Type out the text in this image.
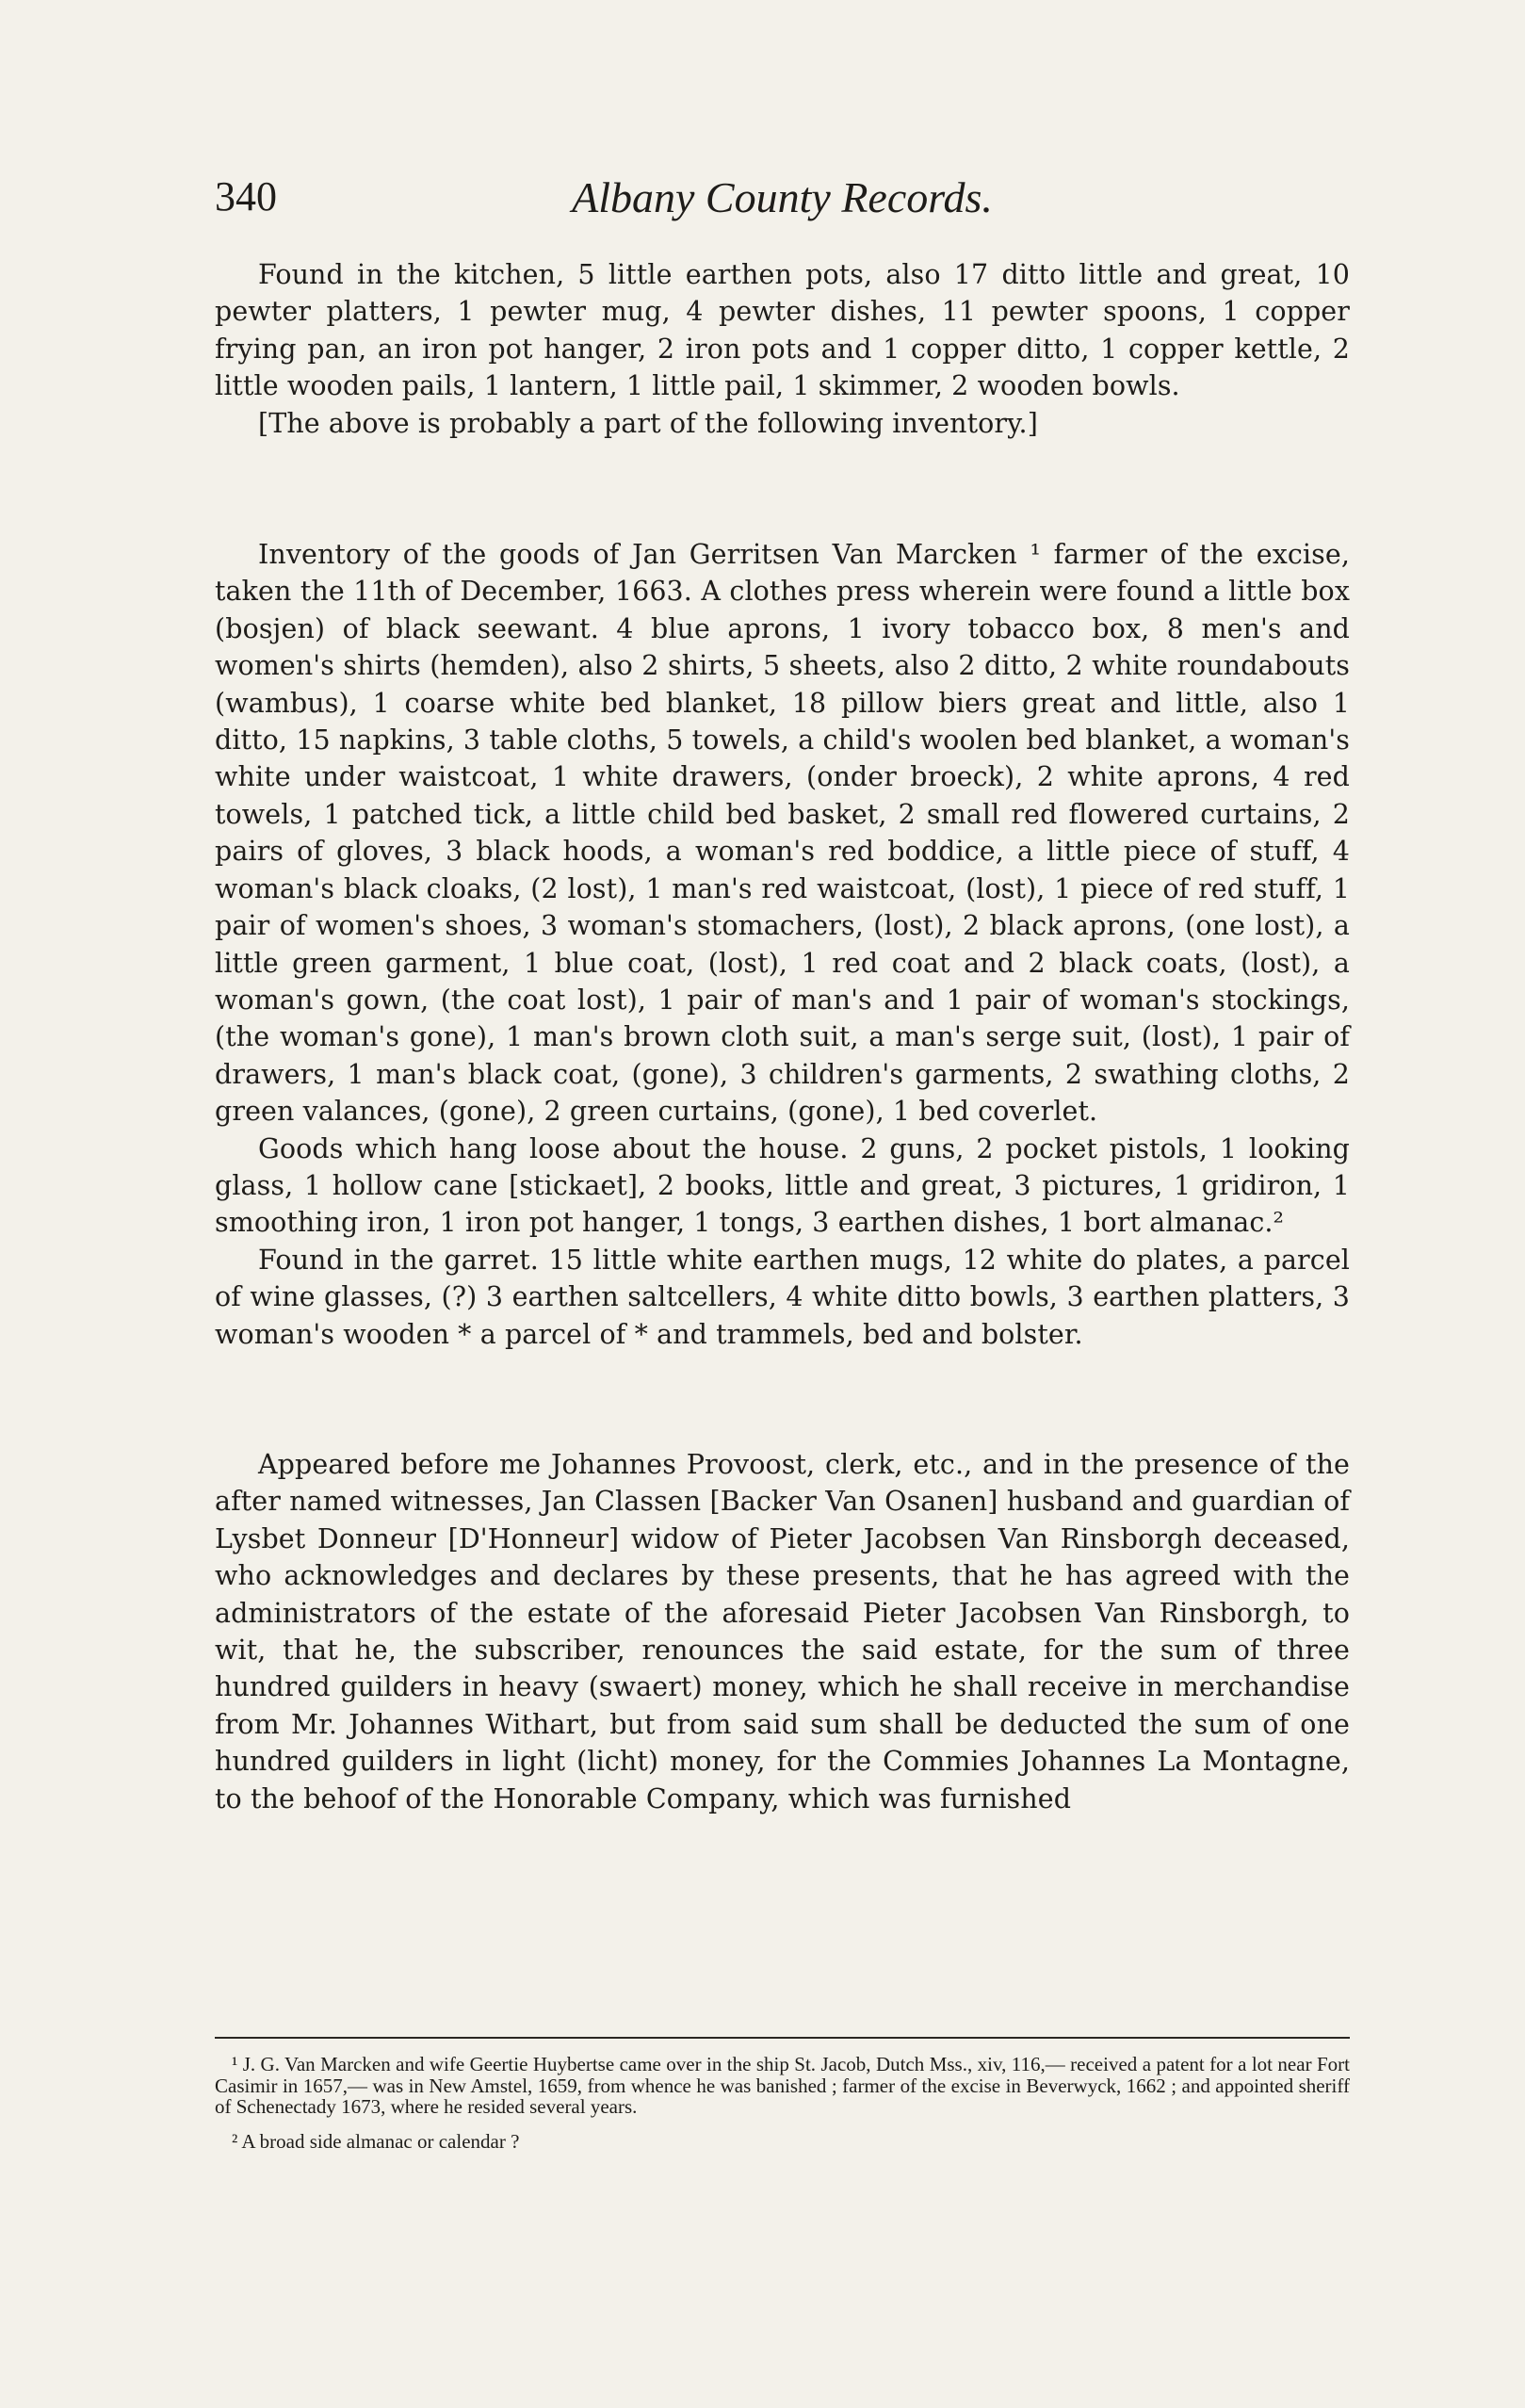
340	Albany County Records.

Found in the kitchen, 5 little earthen pots, also 17 ditto little and great, 10 pewter platters, 1 pewter mug, 4 pewter dishes, 11 pewter spoons, 1 copper frying pan, an iron pot hanger, 2 iron pots and 1 copper ditto, 1 copper kettle, 2 little wooden pails, 1 lantern, 1 little pail, 1 skimmer, 2 wooden bowls.

[The above is probably a part of the following inventory.]

Inventory of the goods of Jan Gerritsen Van Marcken ¹ farmer of the excise, taken the 11th of December, 1663. A clothes press wherein were found a little box (bosjen) of black seewant. 4 blue aprons, 1 ivory tobacco box, 8 men's and women's shirts (hemden), also 2 shirts, 5 sheets, also 2 ditto, 2 white roundabouts (wambus), 1 coarse white bed blanket, 18 pillow biers great and little, also 1 ditto, 15 napkins, 3 table cloths, 5 towels, a child's woolen bed blanket, a woman's white under waistcoat, 1 white drawers, (onder broeck), 2 white aprons, 4 red towels, 1 patched tick, a little child bed basket, 2 small red flowered curtains, 2 pairs of gloves, 3 black hoods, a woman's red boddice, a little piece of stuff, 4 woman's black cloaks, (2 lost), 1 man's red waistcoat, (lost), 1 piece of red stuff, 1 pair of women's shoes, 3 woman's stomachers, (lost), 2 black aprons, (one lost), a little green garment, 1 blue coat, (lost), 1 red coat and 2 black coats, (lost), a woman's gown, (the coat lost), 1 pair of man's and 1 pair of woman's stockings, (the woman's gone), 1 man's brown cloth suit, a man's serge suit, (lost), 1 pair of drawers, 1 man's black coat, (gone), 3 children's garments, 2 swathing cloths, 2 green valances, (gone), 2 green curtains, (gone), 1 bed coverlet.

Goods which hang loose about the house. 2 guns, 2 pocket pistols, 1 looking glass, 1 hollow cane [stickaet], 2 books, little and great, 3 pictures, 1 gridiron, 1 smoothing iron, 1 iron pot hanger, 1 tongs, 3 earthen dishes, 1 bort almanac.²

Found in the garret. 15 little white earthen mugs, 12 white do plates, a parcel of wine glasses, (?) 3 earthen saltcellers, 4 white ditto bowls, 3 earthen platters, 3 woman's wooden * a parcel of * and trammels, bed and bolster.

Appeared before me Johannes Provoost, clerk, etc., and in the presence of the after named witnesses, Jan Classen [Backer Van Osanen] husband and guardian of Lysbet Donneur [D'Honneur] widow of Pieter Jacobsen Van Rinsborgh deceased, who acknowledges and declares by these presents, that he has agreed with the administrators of the estate of the aforesaid Pieter Jacobsen Van Rinsborgh, to wit, that he, the subscriber, renounces the said estate, for the sum of three hundred guilders in heavy (swaert) money, which he shall receive in merchandise from Mr. Johannes Withart, but from said sum shall be deducted the sum of one hundred guilders in light (licht) money, for the Commies Johannes La Montagne, to the behoof of the Honorable Company, which was furnished

¹ J. G. Van Marcken and wife Geertie Huybertse came over in the ship St. Jacob, Dutch Mss., xiv, 116,— received a patent for a lot near Fort Casimir in 1657,— was in New Amstel, 1659, from whence he was banished ; farmer of the excise in Beverwyck, 1662 ; and appointed sheriff of Schenectady 1673, where he resided several years.

² A broad side almanac or calendar ?
